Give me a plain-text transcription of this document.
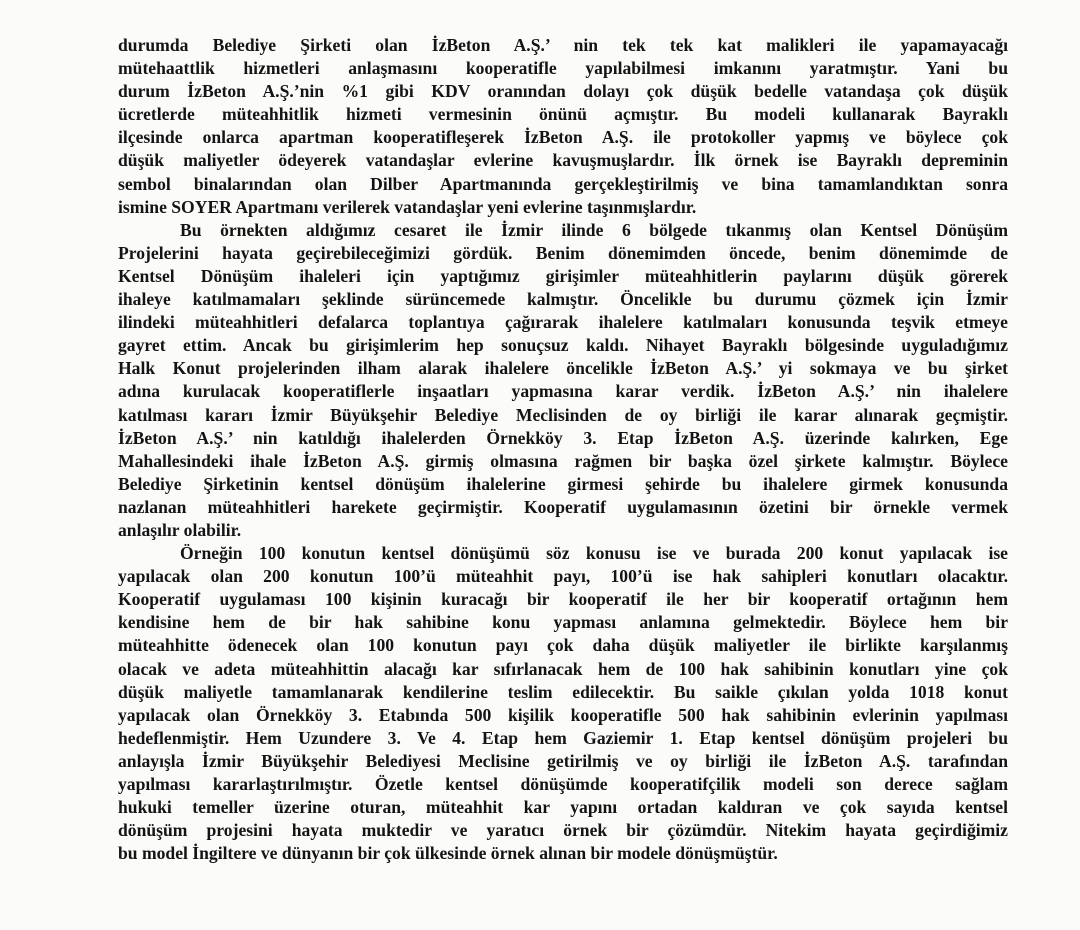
durumda Belediye Şirketi olan İzBeton A.Ş.’ nin tek tek kat malikleri ile yapamayacağı
mütehaattlik hizmetleri anlaşmasını kooperatifle yapılabilmesi imkanını yaratmıştır. Yani bu
durum İzBeton A.Ş.’nin %1 gibi KDV oranından dolayı çok düşük bedelle vatandaşa çok düşük
ücretlerde müteahhitlik hizmeti vermesinin önünü açmıştır. Bu modeli kullanarak Bayraklı
ilçesinde onlarca apartman kooperatifleşerek İzBeton A.Ş. ile protokoller yapmış ve böylece çok
düşük maliyetler ödeyerek vatandaşlar evlerine kavuşmuşlardır. İlk örnek ise Bayraklı depreminin
sembol binalarından olan Dilber Apartmanında gerçekleştirilmiş ve bina tamamlandıktan sonra
ismine SOYER Apartmanı verilerek vatandaşlar yeni evlerine taşınmışlardır.
Bu örnekten aldığımız cesaret ile İzmir ilinde 6 bölgede tıkanmış olan Kentsel Dönüşüm
Projelerini hayata geçirebileceğimizi gördük. Benim dönemimden öncede, benim dönemimde de
Kentsel Dönüşüm ihaleleri için yaptığımız girişimler müteahhitlerin paylarını düşük görerek
ihaleye katılmamaları şeklinde sürüncemede kalmıştır. Öncelikle bu durumu çözmek için İzmir
ilindeki müteahhitleri defalarca toplantıya çağırarak ihalelere katılmaları konusunda teşvik etmeye
gayret ettim. Ancak bu girişimlerim hep sonuçsuz kaldı. Nihayet Bayraklı bölgesinde uyguladığımız
Halk Konut projelerinden ilham alarak ihalelere öncelikle İzBeton A.Ş.’ yi sokmaya ve bu şirket
adına kurulacak kooperatiflerle inşaatları yapmasına karar verdik. İzBeton A.Ş.’ nin ihalelere
katılması kararı İzmir Büyükşehir Belediye Meclisinden de oy birliği ile karar alınarak geçmiştir.
İzBeton A.Ş.’ nin katıldığı ihalelerden Örnekköy 3. Etap İzBeton A.Ş. üzerinde kalırken, Ege
Mahallesindeki ihale İzBeton A.Ş. girmiş olmasına rağmen bir başka özel şirkete kalmıştır. Böylece
Belediye Şirketinin kentsel dönüşüm ihalelerine girmesi şehirde bu ihalelere girmek konusunda
nazlanan müteahhitleri harekete geçirmiştir. Kooperatif uygulamasının özetini bir örnekle vermek
anlaşılır olabilir.
Örneğin 100 konutun kentsel dönüşümü söz konusu ise ve burada 200 konut yapılacak ise
yapılacak olan 200 konutun 100’ü müteahhit payı, 100’ü ise hak sahipleri konutları olacaktır.
Kooperatif uygulaması 100 kişinin kuracağı bir kooperatif ile her bir kooperatif ortağının hem
kendisine hem de bir hak sahibine konu yapması anlamına gelmektedir. Böylece hem bir
müteahhitte ödenecek olan 100 konutun payı çok daha düşük maliyetler ile birlikte karşılanmış
olacak ve adeta müteahhittin alacağı kar sıfırlanacak hem de 100 hak sahibinin konutları yine çok
düşük maliyetle tamamlanarak kendilerine teslim edilecektir. Bu saikle çıkılan yolda 1018 konut
yapılacak olan Örnekköy 3. Etabında 500 kişilik kooperatifle 500 hak sahibinin evlerinin yapılması
hedeflenmiştir. Hem Uzundere 3. Ve 4. Etap hem Gaziemir 1. Etap kentsel dönüşüm projeleri bu
anlayışla İzmir Büyükşehir Belediyesi Meclisine getirilmiş ve oy birliği ile İzBeton A.Ş. tarafından
yapılması kararlaştırılmıştır. Özetle kentsel dönüşümde kooperatifçilik modeli son derece sağlam
hukuki temeller üzerine oturan, müteahhit kar yapını ortadan kaldıran ve çok sayıda kentsel
dönüşüm projesini hayata muktedir ve yaratıcı örnek bir çözümdür. Nitekim hayata geçirdiğimiz
bu model İngiltere ve dünyanın bir çok ülkesinde örnek alınan bir modele dönüşmüştür.
